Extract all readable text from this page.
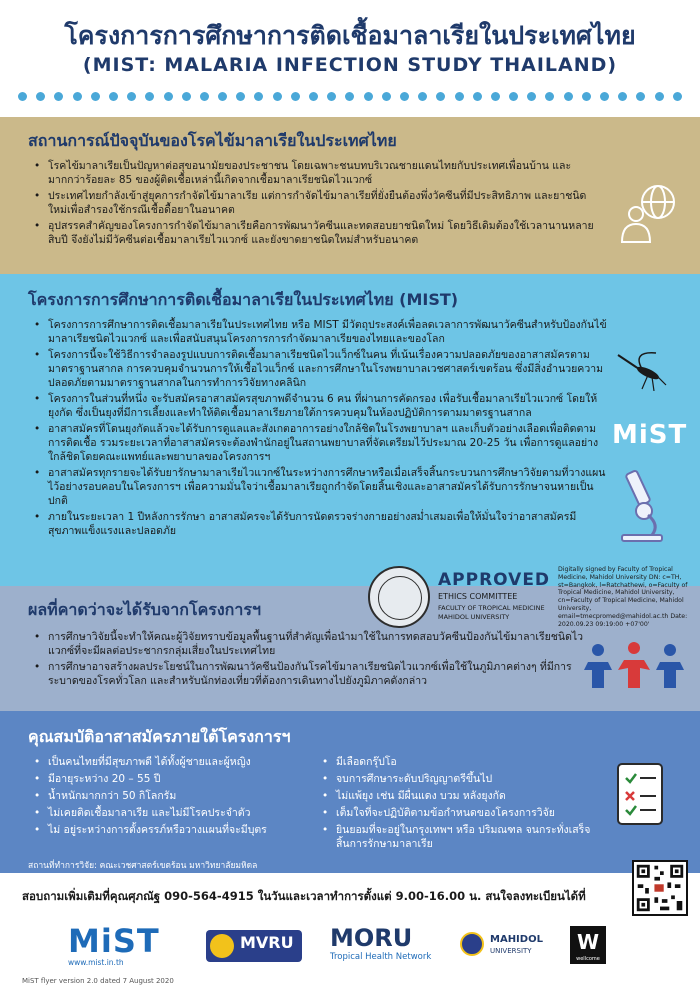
โครงการการศึกษาการติดเชื้อมาลาเรียในประเทศไทย
(MIST: MALARIA INFECTION STUDY THAILAND)
สถานการณ์ปัจจุบันของโรคไข้มาลาเรียในประเทศไทย
• โรคไข้มาลาเรียเป็นปัญหาต่อสุขอนามัยของประชาชน โดยเฉพาะชนบทบริเวณชายแดนไทยกับประเทศเพื่อนบ้าน และมากกว่าร้อยละ 85 ของผู้ติดเชื้อเหล่านี้เกิดจากเชื้อมาลาเรียชนิดไวแวกซ์
• ประเทศไทยกำลังเข้าสู่ยุคการกำจัดไข้มาลาเรีย แต่การกำจัดไข้มาลาเรียที่ยั่งยืนต้องพึ่งวัคซีนที่มีประสิทธิภาพ และยาชนิดใหม่เพื่อสำรองใช้กรณีเชื้อดื้อยาในอนาคต
• อุปสรรคสำคัญของโครงการกำจัดไข้มาลาเรียคือการพัฒนาวัคซีนและทดสอบยาชนิดใหม่ โดยวิธีเดิมต้องใช้เวลานานหลายสิบปี จึงยังไม่มีวัคซีนต่อเชื้อมาลาเรียไวแวกซ์ และยังขาดยาชนิดใหม่สำหรับอนาคต
โครงการการศึกษาการติดเชื้อมาลาเรียในประเทศไทย (MIST)
• โครงการการศึกษาการติดเชื้อมาลาเรียในประเทศไทย หรือ MIST มีวัตถุประสงค์เพื่อลดเวลาการพัฒนาวัคซีนสำหรับป้องกันไข้มาลาเรียชนิดไวแวกซ์ และเพื่อสนับสนุนโครงการการกำจัดมาลาเรียของไทยและของโลก
• โครงการนี้จะใช้วิธีการจำลองรูปแบบการติดเชื้อมาลาเรียชนิดไวแว็กซ์ในคน ที่เน้นเรื่องความปลอดภัยของอาสาสมัครตามมาตราฐานสากล การควบคุมจำนวนการให้เชื้อไวแว็กซ์ และการศึกษาในโรงพยาบาลเวชศาสตร์เขตร้อน ซึ่งมีสิ่งอำนวยความปลอดภัยตามมาตราฐานสากลในการทำการวิจัยทางคลินิก
• โครงการในส่วนที่หนึ่ง จะรับสมัครอาสาสมัครสุขภาพดีจำนวน 6 คน ที่ผ่านการคัดกรอง เพื่อรับเชื้อมาลาเรียไวแวกซ์ โดยให้ยุงกัด ซึ่งเป็นยุงที่มีการเลี้ยงและทำให้ติดเชื้อมาลาเรียภายใต้การควบคุมในห้องปฏิบัติการตามมาตรฐานสากล
• อาสาสมัครที่โดนยุงกัดแล้วจะได้รับการดูแลและสังเกตอาการอย่างใกล้ชิดในโรงพยาบาลฯ และเก็บตัวอย่างเลือดเพื่อติดตามการติดเชื้อ รวมระยะเวลาที่อาสาสมัครจะต้องพำนักอยู่ในสถานพยาบาลที่จัดเตรียมไว้ประมาณ 20-25 วัน เพื่อการดูแลอย่างใกล้ชิดโดยคณะแพทย์และพยาบาลของโครงการฯ
• อาสาสมัครทุกรายจะได้รับยารักษามาลาเรียไวแวกซ์ในระหว่างการศึกษาหรือเมื่อเสร็จสิ้นกระบวนการศึกษาวิจัยตามที่วางแผนไว้อย่างรอบคอบในโครงการฯ เพื่อความมั่นใจว่าเชื้อมาลาเรียถูกกำจัดโดยสิ้นเชิงและอาสาสมัครได้รับการรักษาจนหายเป็นปกติ
• ภายในระยะเวลา 1 ปีหลังการรักษา อาสาสมัครจะได้รับการนัดตรวจร่างกายอย่างสม่ำเสมอเพื่อให้มั่นใจว่าอาสาสมัครมีสุขภาพแข็งแรงและปลอดภัย
MiST
ผลที่คาดว่าจะได้รับจากโครงการฯ
• การศึกษาวิจัยนี้จะทำให้คณะผู้วิจัยทราบข้อมูลพื้นฐานที่สำคัญเพื่อนำมาใช้ในการทดสอบวัคซีนป้องกันไข้มาลาเรียชนิดไวแวกซ์ที่จะมีผลต่อประชากรกลุ่มเสี่ยงในประเทศไทย
• การศึกษาอาจสร้างผลประโยชน์ในการพัฒนาวัคซีนป้องกันโรคไข้มาลาเรียชนิดไวแวกซ์เพื่อใช้ในภูมิภาคต่างๆ ที่มีการระบาดของโรคทั่วโลก และสำหรับนักท่องเที่ยวที่ต้องการเดินทางไปยังภูมิภาคดังกล่าว
APPROVED
ETHICS COMMITTEE
FACULTY OF TROPICAL MEDICINE
MAHIDOL UNIVERSITY
Digitally signed by Faculty of Tropical Medicine, Mahidol University DN: c=TH, st=Bangkok, l=Ratchathewi, o=Faculty of Tropical Medicine, Mahidol University, cn=Faculty of Tropical Medicine, Mahidol University, email=tmecpromed@mahidol.ac.th Date: 2020.09.23 09:19:00 +07'00'
คุณสมบัติอาสาสมัครภายใต้โครงการฯ
• เป็นคนไทยที่มีสุขภาพดี ได้ทั้งผู้ชายและผู้หญิง
• มีอายุระหว่าง 20 – 55 ปี
• น้ำหนักมากกว่า 50 กิโลกรัม
• ไม่เคยติดเชื้อมาลาเรีย และไม่มีโรคประจำตัว
• ไม่ อยู่ระหว่างการตั้งครรภ์หรือวางแผนที่จะมีบุตร
• มีเลือดกรุ๊ปโอ
• จบการศึกษาระดับปริญญาตรีขึ้นไป
• ไม่แพ้ยุง เช่น มีผื่นแดง บวม หลังยุงกัด
• เต็มใจที่จะปฏิบัติตามข้อกำหนดของโครงการวิจัย
• ยินยอมที่จะอยู่ในกรุงเทพฯ หรือ ปริมณฑล จนกระทั่งเสร็จสิ้นการรักษามาลาเรีย
สถานที่ทำการวิจัย: คณะเวชศาสตร์เขตร้อน มหาวิทยาลัยมหิดล
สอบถามเพิ่มเติมที่คุณศุภณัฐ 090-564-4915 ในวันและเวลาทำการตั้งแต่ 9.00-16.00 น. สนใจลงทะเบียนได้ที่
MiST
www.mist.in.th
MVRU MORU
Tropical Health Network
MAHIDOL
UNIVERSITY	W
wellcome
MiST flyer version 2.0 dated 7 August 2020
